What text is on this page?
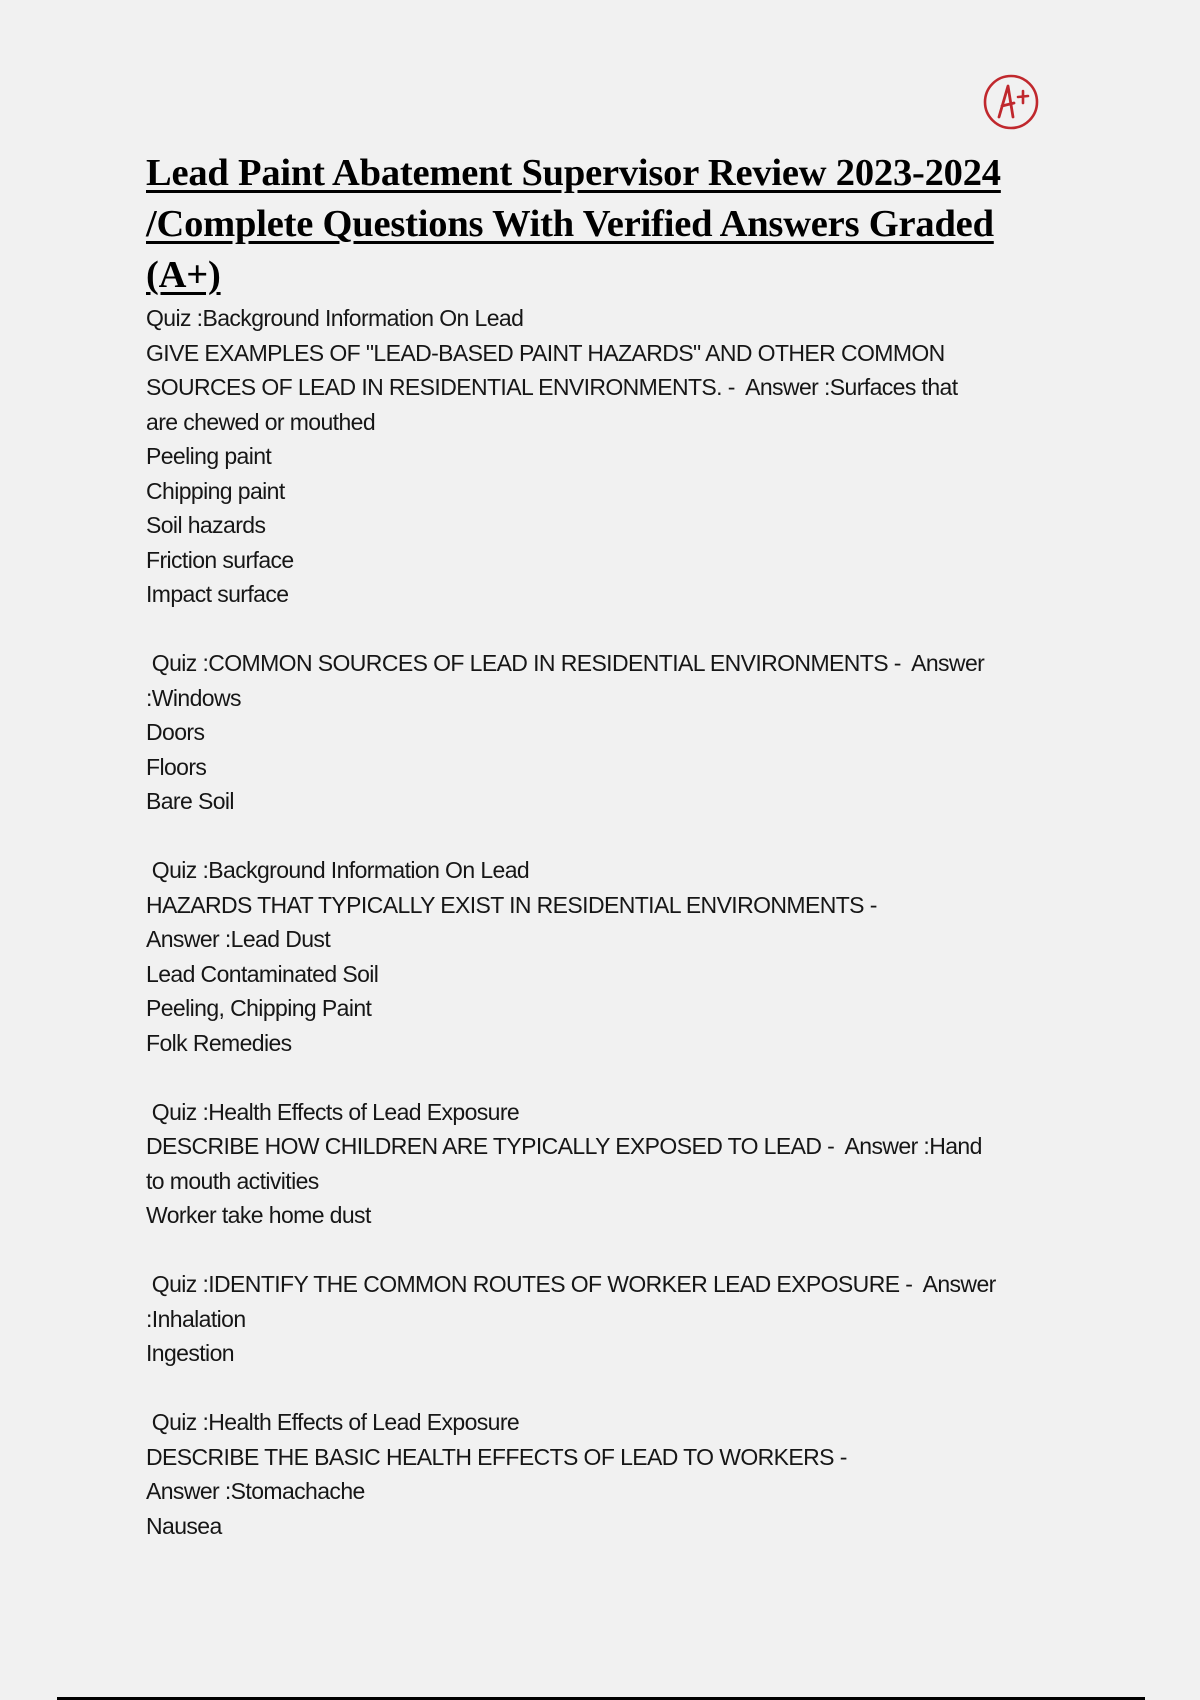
Lead Paint Abatement Supervisor Review 2023-2024 /Complete Questions With Verified Answers Graded (A+)
Quiz :Background Information On Lead
GIVE EXAMPLES OF "LEAD-BASED PAINT HAZARDS" AND OTHER COMMON
SOURCES OF LEAD IN RESIDENTIAL ENVIRONMENTS. -  Answer :Surfaces that
are chewed or mouthed
Peeling paint
Chipping paint
Soil hazards
Friction surface
Impact surface
Quiz :COMMON SOURCES OF LEAD IN RESIDENTIAL ENVIRONMENTS -  Answer
:Windows
Doors
Floors
Bare Soil
Quiz :Background Information On Lead
HAZARDS THAT TYPICALLY EXIST IN RESIDENTIAL ENVIRONMENTS -
Answer :Lead Dust
Lead Contaminated Soil
Peeling, Chipping Paint
Folk Remedies
Quiz :Health Effects of Lead Exposure
DESCRIBE HOW CHILDREN ARE TYPICALLY EXPOSED TO LEAD -  Answer :Hand
to mouth activities
Worker take home dust
Quiz :IDENTIFY THE COMMON ROUTES OF WORKER LEAD EXPOSURE -  Answer
:Inhalation
Ingestion
Quiz :Health Effects of Lead Exposure
DESCRIBE THE BASIC HEALTH EFFECTS OF LEAD TO WORKERS -
Answer :Stomachache
Nausea
